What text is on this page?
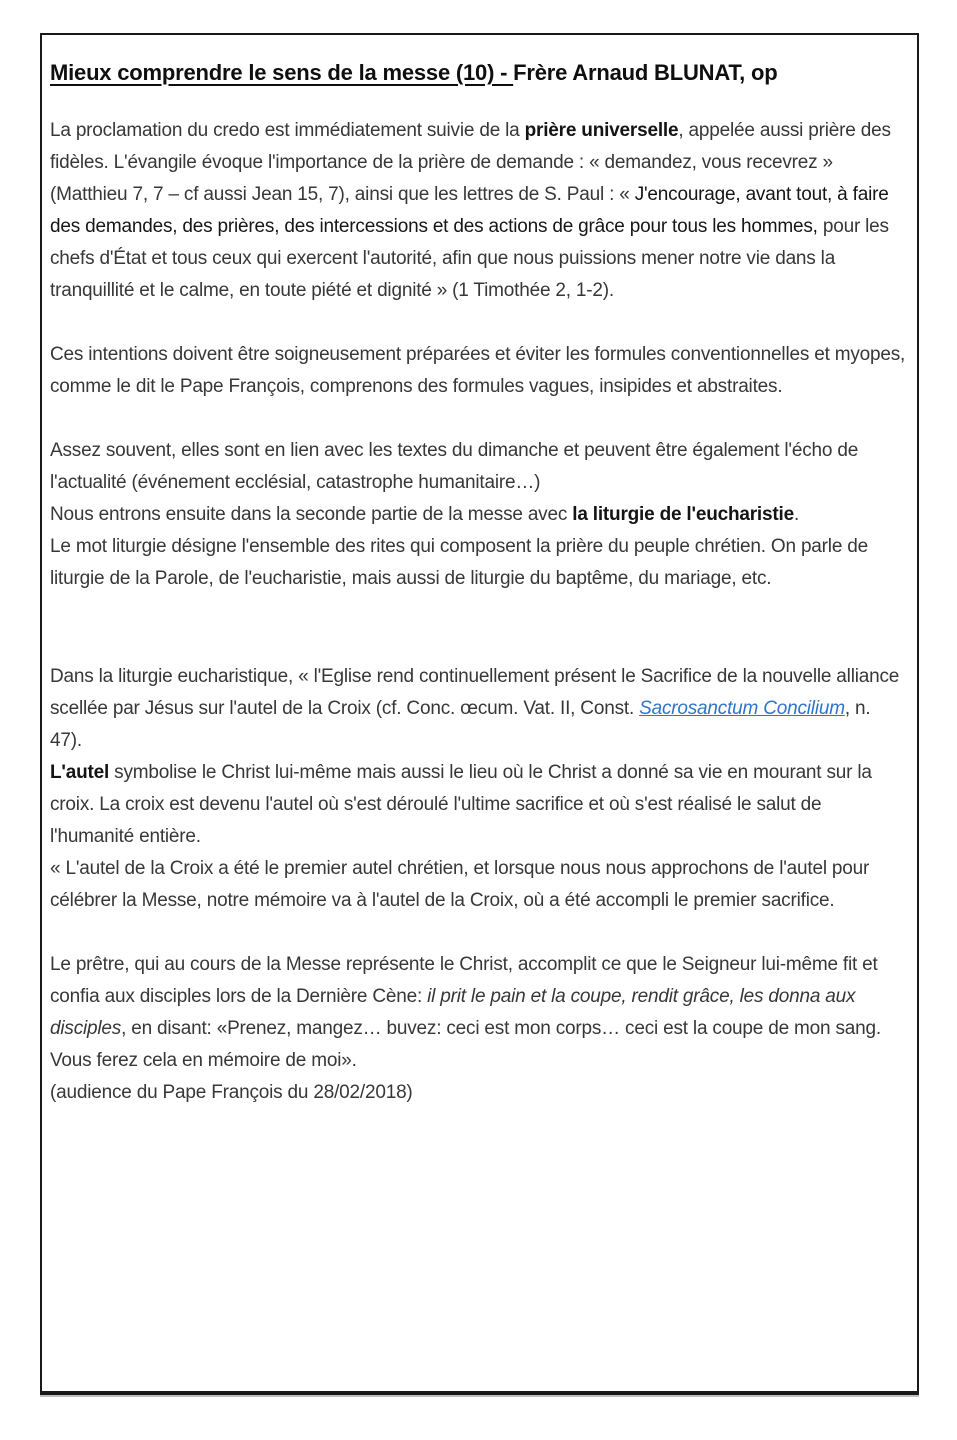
Mieux comprendre le sens de la messe (10) - Frère Arnaud BLUNAT, op
La proclamation du credo est immédiatement suivie de la prière universelle, appelée aussi prière des fidèles. L'évangile évoque l'importance de la prière de demande : « demandez, vous recevrez » (Matthieu 7, 7 – cf aussi Jean 15, 7), ainsi que les lettres de S. Paul : « J'encourage, avant tout, à faire des demandes, des prières, des intercessions et des actions de grâce pour tous les hommes, pour les chefs d'État et tous ceux qui exercent l'autorité, afin que nous puissions mener notre vie dans la tranquillité et le calme, en toute piété et dignité » (1 Timothée 2, 1-2).
Ces intentions doivent être soigneusement préparées et éviter les formules conventionnelles et myopes, comme le dit le Pape François, comprenons des formules vagues, insipides et abstraites.
Assez souvent, elles sont en lien avec les textes du dimanche et peuvent être également l'écho de l'actualité (événement ecclésial, catastrophe humanitaire…)
Nous entrons ensuite dans la seconde partie de la messe avec la liturgie de l'eucharistie.
Le mot liturgie désigne l'ensemble des rites qui composent la prière du peuple chrétien. On parle de liturgie de la Parole, de l'eucharistie, mais aussi de liturgie du baptême, du mariage, etc.
Dans la liturgie eucharistique, « l'Eglise rend continuellement présent le Sacrifice de la nouvelle alliance scellée par Jésus sur l'autel de la Croix (cf. Conc. œcum. Vat. II, Const. Sacrosanctum Concilium, n. 47).
L'autel symbolise le Christ lui-même mais aussi le lieu où le Christ a donné sa vie en mourant sur la croix. La croix est devenu l'autel où s'est déroulé l'ultime sacrifice et où s'est réalisé le salut de l'humanité entière.
« L'autel de la Croix a été le premier autel chrétien, et lorsque nous nous approchons de l'autel pour célébrer la Messe, notre mémoire va à l'autel de la Croix, où a été accompli le premier sacrifice.
Le prêtre, qui au cours de la Messe représente le Christ, accomplit ce que le Seigneur lui-même fit et confia aux disciples lors de la Dernière Cène: il prit le pain et la coupe, rendit grâce, les donna aux disciples, en disant: «Prenez, mangez… buvez: ceci est mon corps… ceci est la coupe de mon sang. Vous ferez cela en mémoire de moi».
(audience du Pape François du 28/02/2018)
